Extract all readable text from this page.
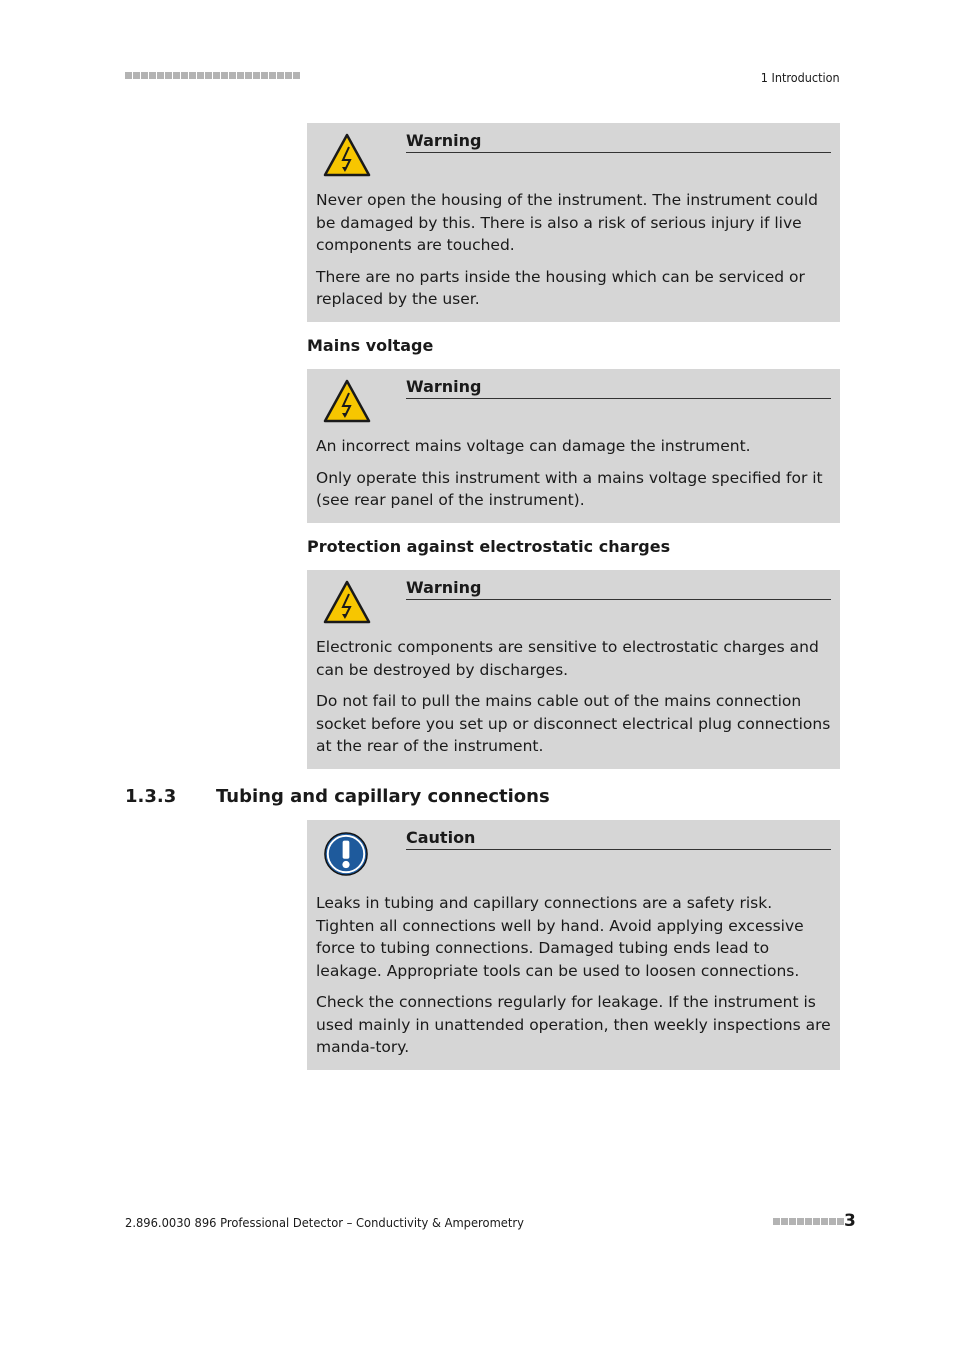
1 Introduction
Warning

Never open the housing of the instrument. The instrument could be damaged by this. There is also a risk of serious injury if live components are touched.

There are no parts inside the housing which can be serviced or replaced by the user.

Mains voltage
Warning

An incorrect mains voltage can damage the instrument.

Only operate this instrument with a mains voltage specified for it (see rear panel of the instrument).

Protection against electrostatic charges
Warning

Electronic components are sensitive to electrostatic charges and can be destroyed by discharges.

Do not fail to pull the mains cable out of the mains connection socket before you set up or disconnect electrical plug connections at the rear of the instrument.

1.3.3 Tubing and capillary connections
Caution

Leaks in tubing and capillary connections are a safety risk. Tighten all connections well by hand. Avoid applying excessive force to tubing connections. Damaged tubing ends lead to leakage. Appropriate tools can be used to loosen connections.

Check the connections regularly for leakage. If the instrument is used mainly in unattended operation, then weekly inspections are manda-tory.

2.896.0030 896 Professional Detector – Conductivity & Amperometry	3
